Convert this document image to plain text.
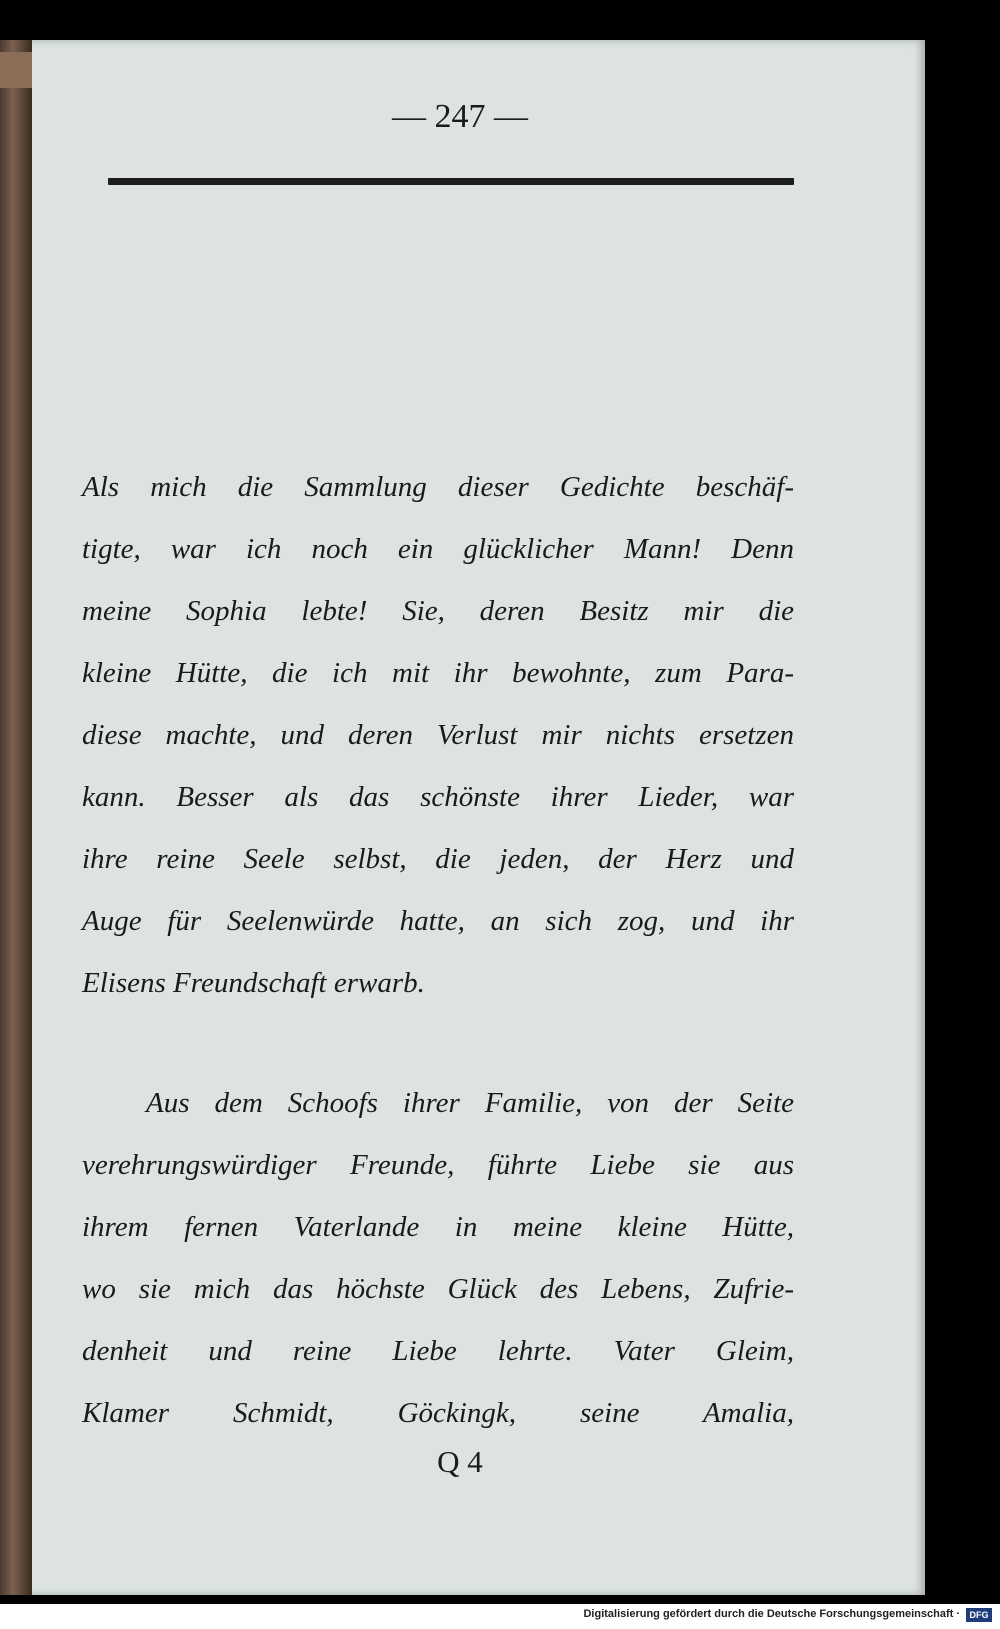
— 247 —
Als mich die Sammlung dieser Gedichte beschäf-
tigte, war ich noch ein glücklicher Mann! Denn
meine Sophia lebte! Sie, deren Besitz mir die
kleine Hütte, die ich mit ihr bewohnte, zum Para-
diese machte, und deren Verlust mir nichts ersetzen
kann. Besser als das schönste ihrer Lieder, war
ihre reine Seele selbst, die jeden, der Herz und
Auge für Seelenwürde hatte, an sich zog, und ihr
Elisens Freundschaft erwarb.
Aus dem Schoofs ihrer Familie, von der Seite
verehrungswürdiger Freunde, führte Liebe sie aus
ihrem fernen Vaterlande in meine kleine Hütte,
wo sie mich das höchste Glück des Lebens, Zufrie-
denheit und reine Liebe lehrte. Vater Gleim,
Klamer Schmidt, Göckingk, seine Amalia,
Q 4
Digitalisierung gefördert durch die Deutsche Forschungsgemeinschaft ·	DFG
